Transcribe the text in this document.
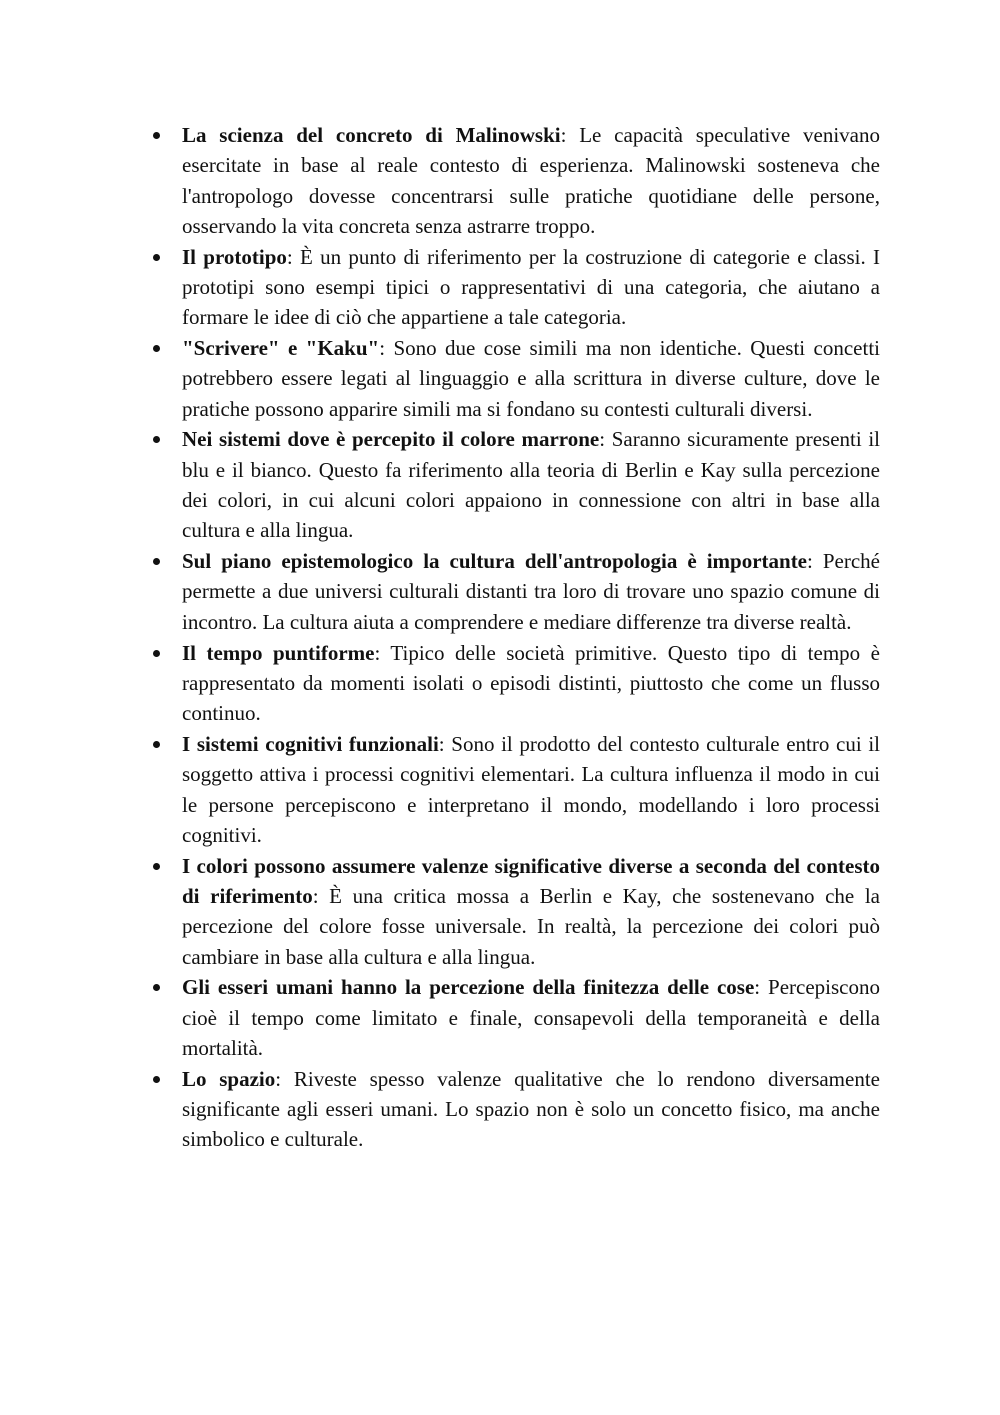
La scienza del concreto di Malinowski: Le capacità speculative venivano esercitate in base al reale contesto di esperienza. Malinowski sosteneva che l'antropologo dovesse concentrarsi sulle pratiche quotidiane delle persone, osservando la vita concreta senza astrarre troppo.
Il prototipo: È un punto di riferimento per la costruzione di categorie e classi. I prototipi sono esempi tipici o rappresentativi di una categoria, che aiutano a formare le idee di ciò che appartiene a tale categoria.
"Scrivere" e "Kaku": Sono due cose simili ma non identiche. Questi concetti potrebbero essere legati al linguaggio e alla scrittura in diverse culture, dove le pratiche possono apparire simili ma si fondano su contesti culturali diversi.
Nei sistemi dove è percepito il colore marrone: Saranno sicuramente presenti il blu e il bianco. Questo fa riferimento alla teoria di Berlin e Kay sulla percezione dei colori, in cui alcuni colori appaiono in connessione con altri in base alla cultura e alla lingua.
Sul piano epistemologico la cultura dell'antropologia è importante: Perché permette a due universi culturali distanti tra loro di trovare uno spazio comune di incontro. La cultura aiuta a comprendere e mediare differenze tra diverse realtà.
Il tempo puntiforme: Tipico delle società primitive. Questo tipo di tempo è rappresentato da momenti isolati o episodi distinti, piuttosto che come un flusso continuo.
I sistemi cognitivi funzionali: Sono il prodotto del contesto culturale entro cui il soggetto attiva i processi cognitivi elementari. La cultura influenza il modo in cui le persone percepiscono e interpretano il mondo, modellando i loro processi cognitivi.
I colori possono assumere valenze significative diverse a seconda del contesto di riferimento: È una critica mossa a Berlin e Kay, che sostenevano che la percezione del colore fosse universale. In realtà, la percezione dei colori può cambiare in base alla cultura e alla lingua.
Gli esseri umani hanno la percezione della finitezza delle cose: Percepiscono cioè il tempo come limitato e finale, consapevoli della temporaneità e della mortalità.
Lo spazio: Riveste spesso valenze qualitative che lo rendono diversamente significante agli esseri umani. Lo spazio non è solo un concetto fisico, ma anche simbolico e culturale.
